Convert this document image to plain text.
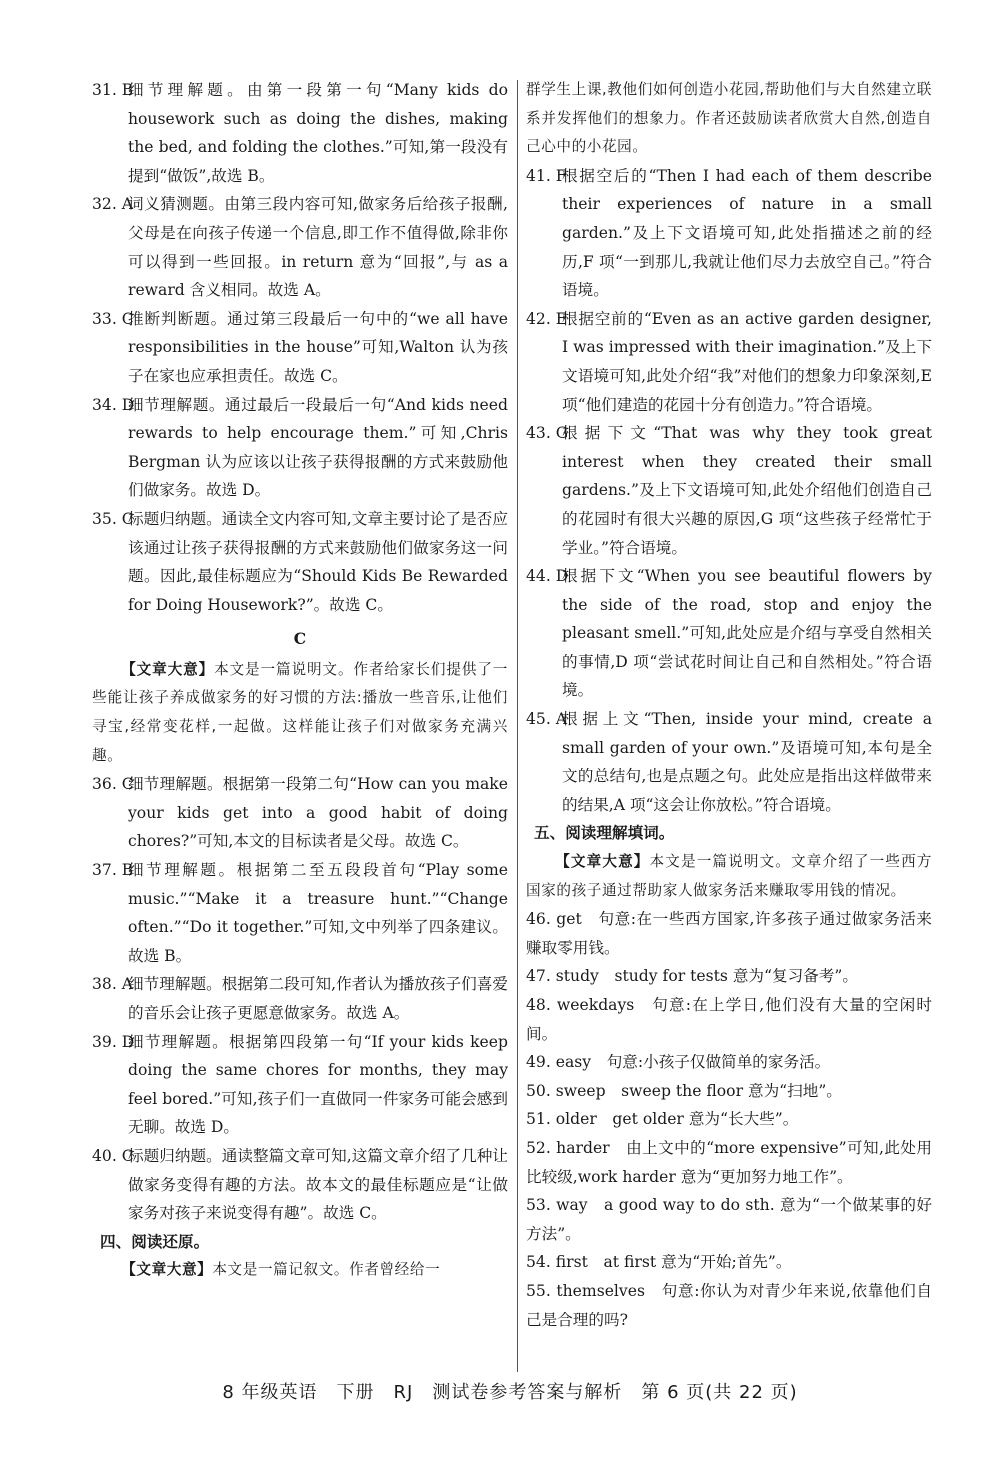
31. B
细节理解题。由第一段第一句“Many kids do housework such as doing the dishes, making the bed, and folding the clothes.”可知,第一段没有提到“做饭”,故选 B。

32. A
词义猜测题。由第三段内容可知,做家务后给孩子报酬,父母是在向孩子传递一个信息,即工作不值得做,除非你可以得到一些回报。in return 意为“回报”,与 as a reward 含义相同。故选 A。

33. C
推断判断题。通过第三段最后一句中的“we all have responsibilities in the house”可知,Walton 认为孩子在家也应承担责任。故选 C。

34. D
细节理解题。通过最后一段最后一句“And kids need rewards to help encourage them.”可知,Chris Bergman 认为应该以让孩子获得报酬的方式来鼓励他们做家务。故选 D。

35. C
标题归纳题。通读全文内容可知,文章主要讨论了是否应该通过让孩子获得报酬的方式来鼓励他们做家务这一问题。因此,最佳标题应为“Should Kids Be Rewarded for Doing Housework?”。故选 C。

C

【文章大意】本文是一篇说明文。作者给家长们提供了一些能让孩子养成做家务的好习惯的方法:播放一些音乐,让他们寻宝,经常变花样,一起做。这样能让孩子们对做家务充满兴趣。

36. C
细节理解题。根据第一段第二句“How can you make your kids get into a good habit of doing chores?”可知,本文的目标读者是父母。故选 C。

37. B
细节理解题。根据第二至五段段首句“Play some music.”“Make it a treasure hunt.”“Change often.”“Do it together.”可知,文中列举了四条建议。故选 B。

38. A
细节理解题。根据第二段可知,作者认为播放孩子们喜爱的音乐会让孩子更愿意做家务。故选 A。

39. D
细节理解题。根据第四段第一句“If your kids keep doing the same chores for months, they may feel bored.”可知,孩子们一直做同一件家务可能会感到无聊。故选 D。

40. C
标题归纳题。通读整篇文章可知,这篇文章介绍了几种让做家务变得有趣的方法。故本文的最佳标题应是“让做家务对孩子来说变得有趣”。故选 C。

四、阅读还原。

【文章大意】本文是一篇记叙文。作者曾经给一

群学生上课,教他们如何创造小花园,帮助他们与大自然建立联系并发挥他们的想象力。作者还鼓励读者欣赏大自然,创造自己心中的小花园。

41. F
根据空后的“Then I had each of them describe their experiences of nature in a small garden.”及上下文语境可知,此处指描述之前的经历,F 项“一到那儿,我就让他们尽力去放空自己。”符合语境。

42. E
根据空前的“Even as an active garden designer, I was impressed with their imagination.”及上下文语境可知,此处介绍“我”对他们的想象力印象深刻,E 项“他们建造的花园十分有创造力。”符合语境。

43. G
根据下文“That was why they took great interest when they created their small gardens.”及上下文语境可知,此处介绍他们创造自己的花园时有很大兴趣的原因,G 项“这些孩子经常忙于学业。”符合语境。

44. D
根据下文“When you see beautiful flowers by the side of the road, stop and enjoy the pleasant smell.”可知,此处应是介绍与享受自然相关的事情,D 项“尝试花时间让自己和自然相处。”符合语境。

45. A
根据上文“Then, inside your mind, create a small garden of your own.”及语境可知,本句是全文的总结句,也是点题之句。此处应是指出这样做带来的结果,A 项“这会让你放松。”符合语境。

五、阅读理解填词。

【文章大意】本文是一篇说明文。文章介绍了一些西方国家的孩子通过帮助家人做家务活来赚取零用钱的情况。

46. get　 句意:在一些西方国家,许多孩子通过做家务活来赚取零用钱。

47. study　 study for tests 意为“复习备考”。

48. weekdays　 句意:在上学日,他们没有大量的空闲时间。

49. easy　 句意:小孩子仅做简单的家务活。

50. sweep　 sweep the floor 意为“扫地”。

51. older　 get older 意为“长大些”。

52. harder　 由上文中的“more expensive”可知,此处用比较级,work harder 意为“更加努力地工作”。

53. way　 a good way to do sth. 意为“一个做某事的好方法”。

54. first　 at first 意为“开始;首先”。

55. themselves　 句意:你认为对青少年来说,依靠他们自己是合理的吗?

8 年级英语　下册　RJ　测试卷参考答案与解析　第 6 页(共 22 页)
